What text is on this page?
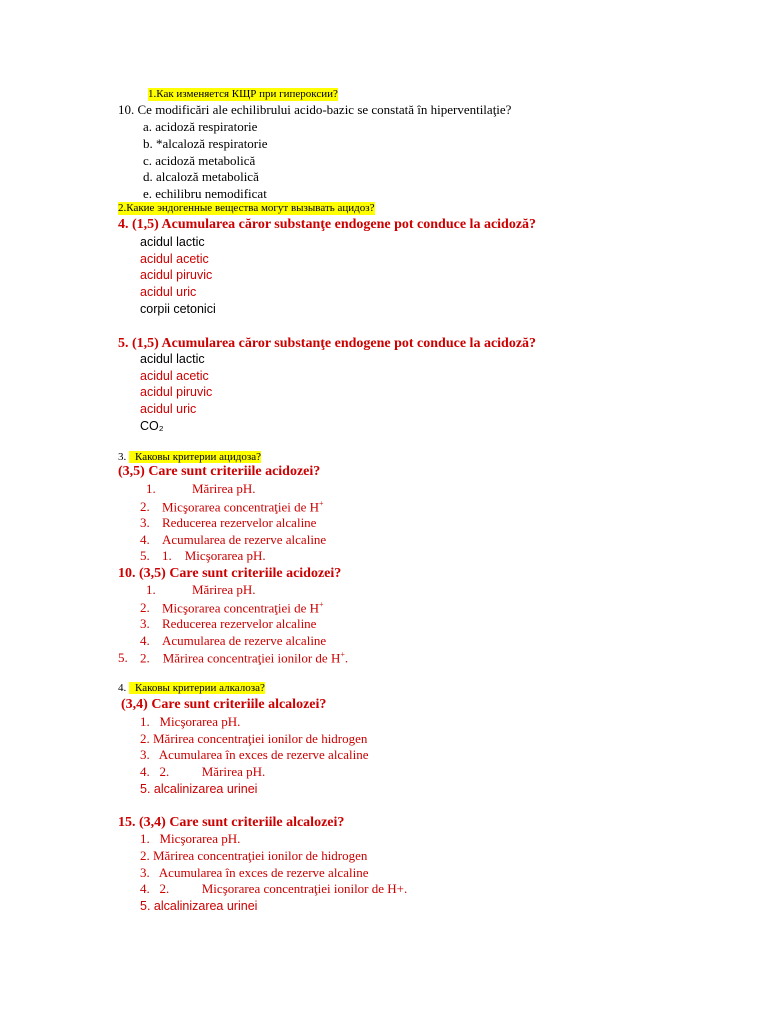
1.Как изменяется КЩР при гипероксии?
10. Ce modificări ale echilibrului acido-bazic se constată în hiperventilaţie?
a. acidoză respiratorie
b. *alcaloză respiratorie
c. acidoză metabolică
d. alcaloză metabolică
e. echilibru nemodificat
2.Какие эндогенные вещества могут вызывать ацидоз?
4. (1,5) Acumularea căror substanţe endogene pot conduce la acidoză?
acidul lactic
acidul acetic
acidul piruvic
acidul uric
corpii cetonici
5. (1,5) Acumularea căror substanţe endogene pot conduce la acidoză?
acidul lactic
acidul acetic
acidul piruvic
acidul uric
CO₂
3. Каковы критерии ацидоза?
(3,5) Care sunt criteriile acidozei?
1.	Mărirea pH.
2. Micşorarea concentraţiei de H+
3. Reducerea rezervelor alcaline
4. Acumularea de rezerve alcaline
5. 1.    Micşorarea pH.
10. (3,5) Care sunt criteriile acidozei?
1.	Mărirea pH.
2. Micşorarea concentraţiei de H+
3. Reducerea rezervelor alcaline
4. Acumularea de rezerve alcaline
5. 2.    Mărirea concentraţiei ionilor de H+.
4. Каковы критерии алкалоза?
(3,4) Care sunt criteriile alcalozei?
1.   Micşorarea pH.
2. Mărirea concentraţiei ionilor de hidrogen
3.   Acumularea în exces de rezerve alcaline
4.   2.          Mărirea pH.
5. alcalinizarea urinei
15. (3,4) Care sunt criteriile alcalozei?
1.   Micşorarea pH.
2. Mărirea concentraţiei ionilor de hidrogen
3.   Acumularea în exces de rezerve alcaline
4.   2.          Micşorarea concentraţiei ionilor de H+.
5. alcalinizarea urinei
